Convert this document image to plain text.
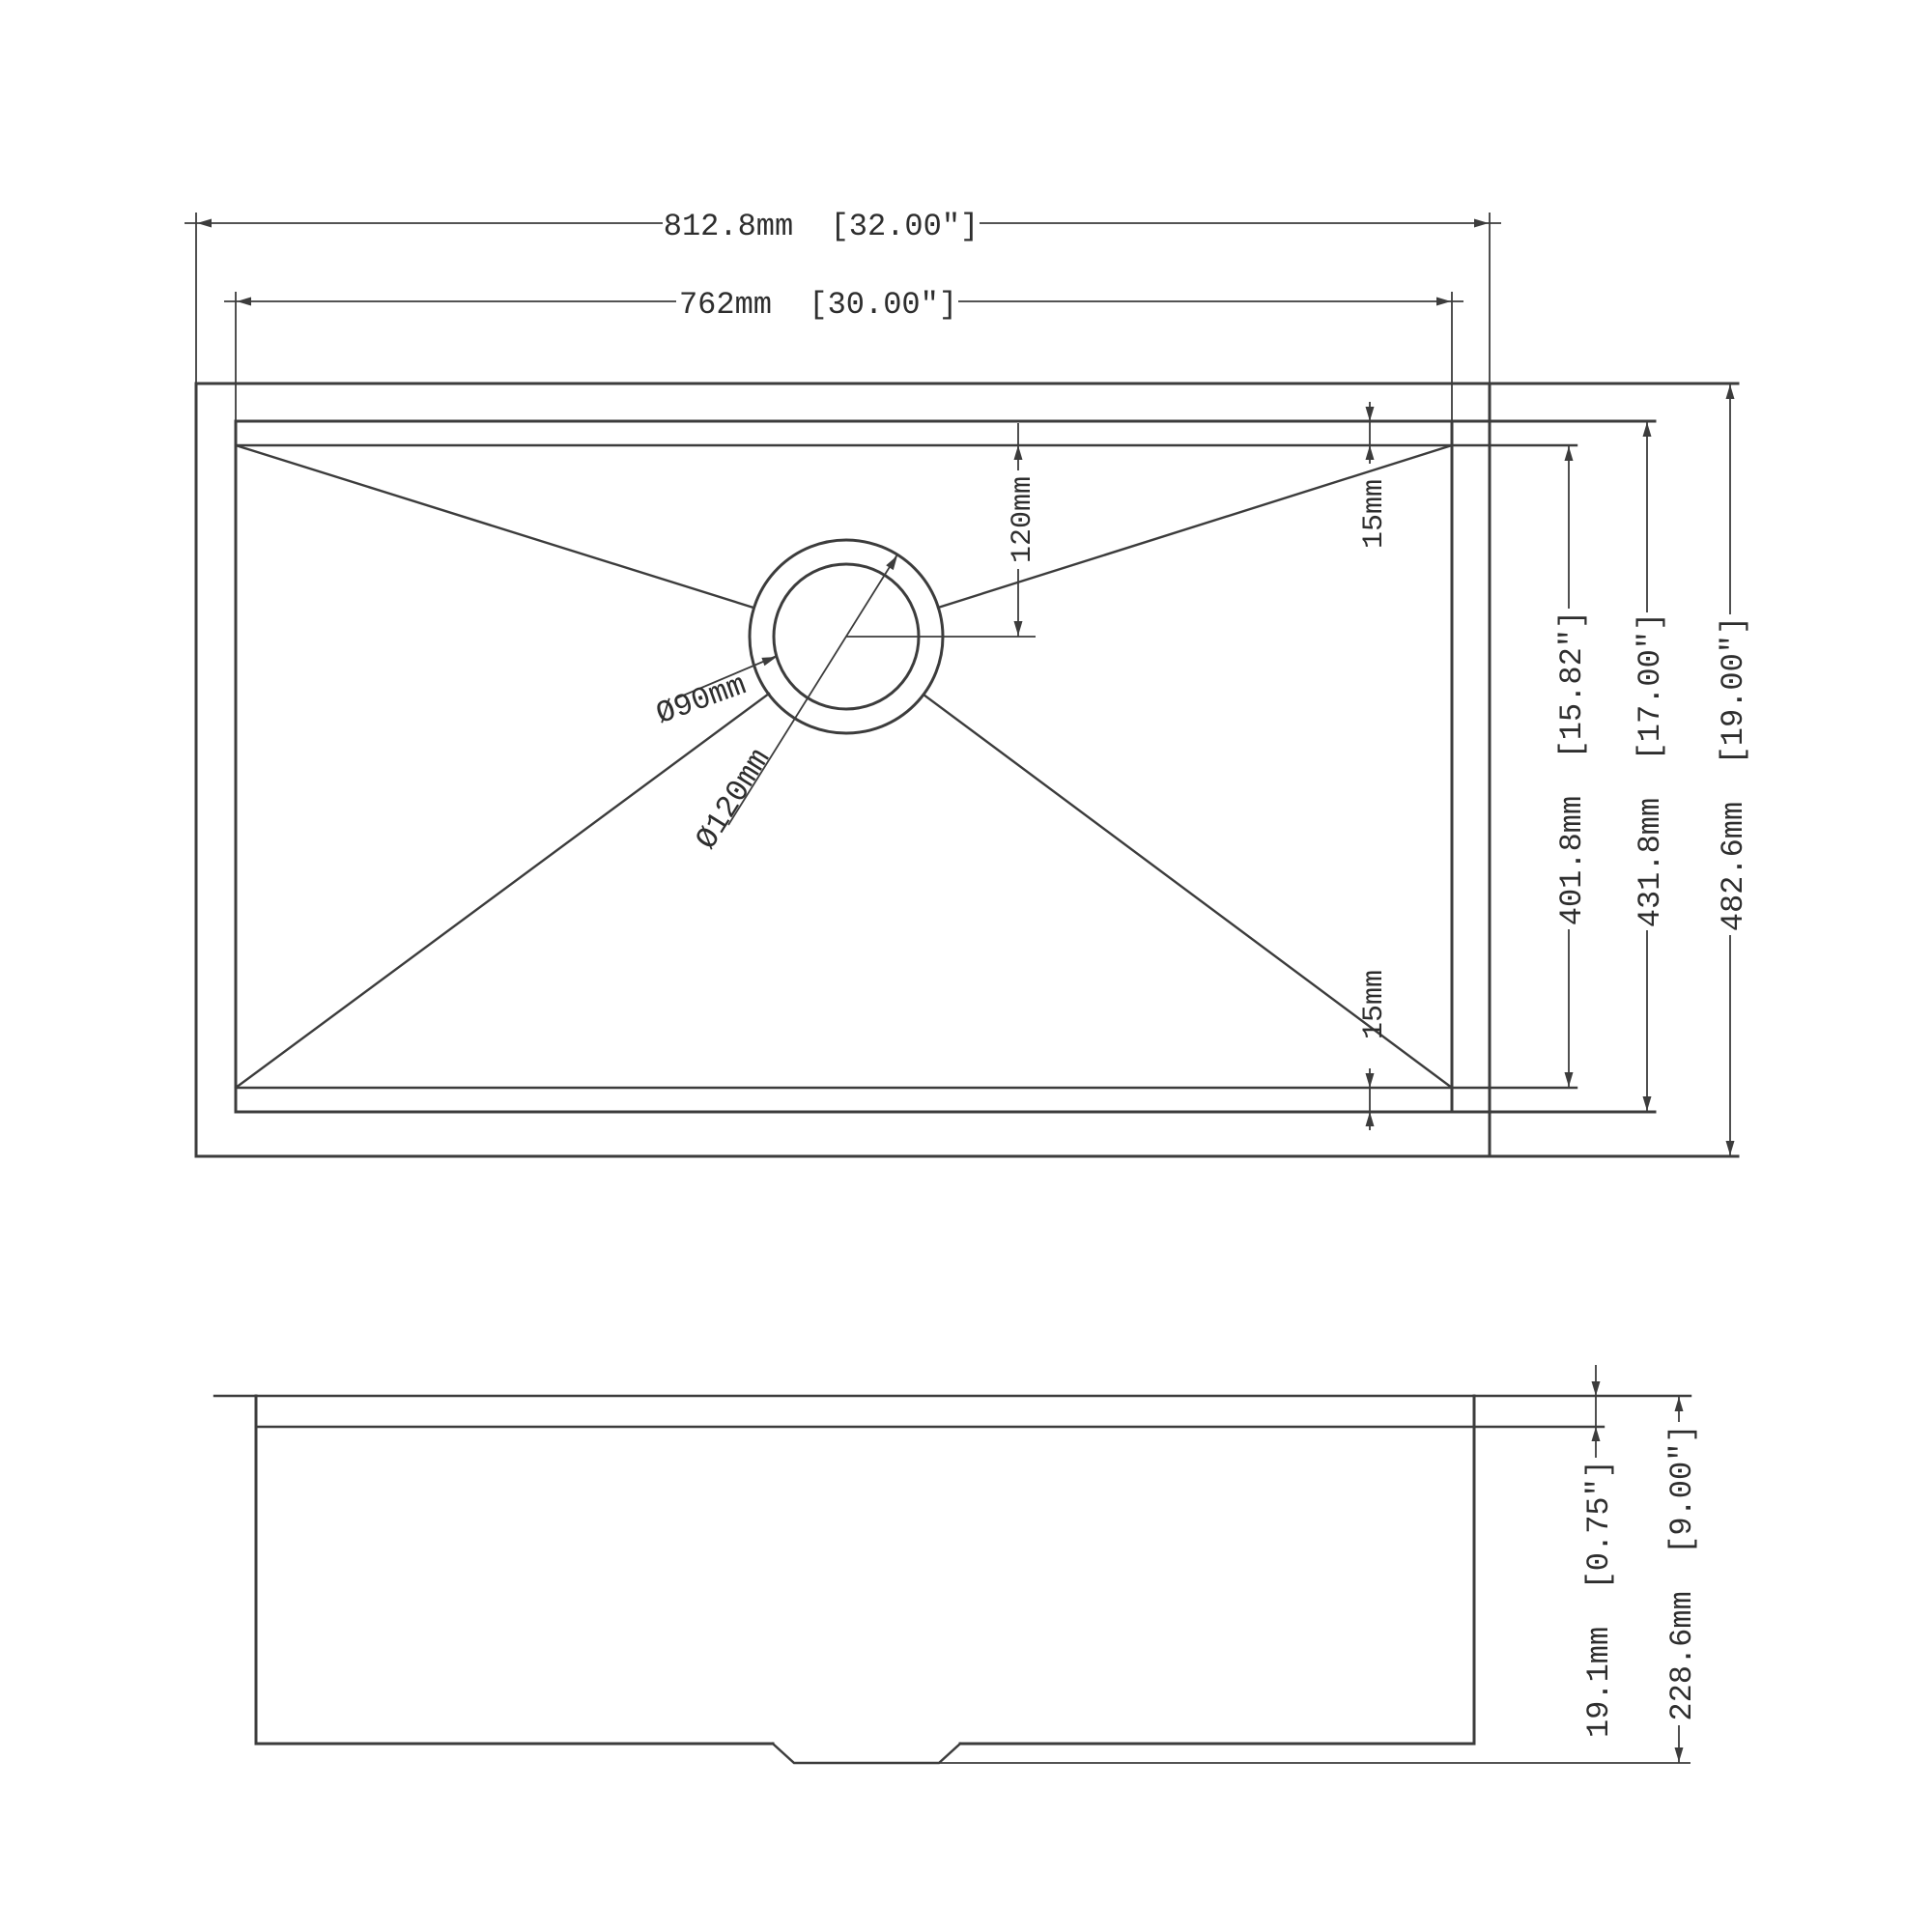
812.8mm  [32.00"]
762mm  [30.00"]
401.8mm  [15.82"] 431.8mm  [17.00"] 482.6mm  [19.00"]
15mm
15mm
120mm
Ø90mm
Ø120mm
19.1mm  [0.75"] 228.6mm  [9.00"]
